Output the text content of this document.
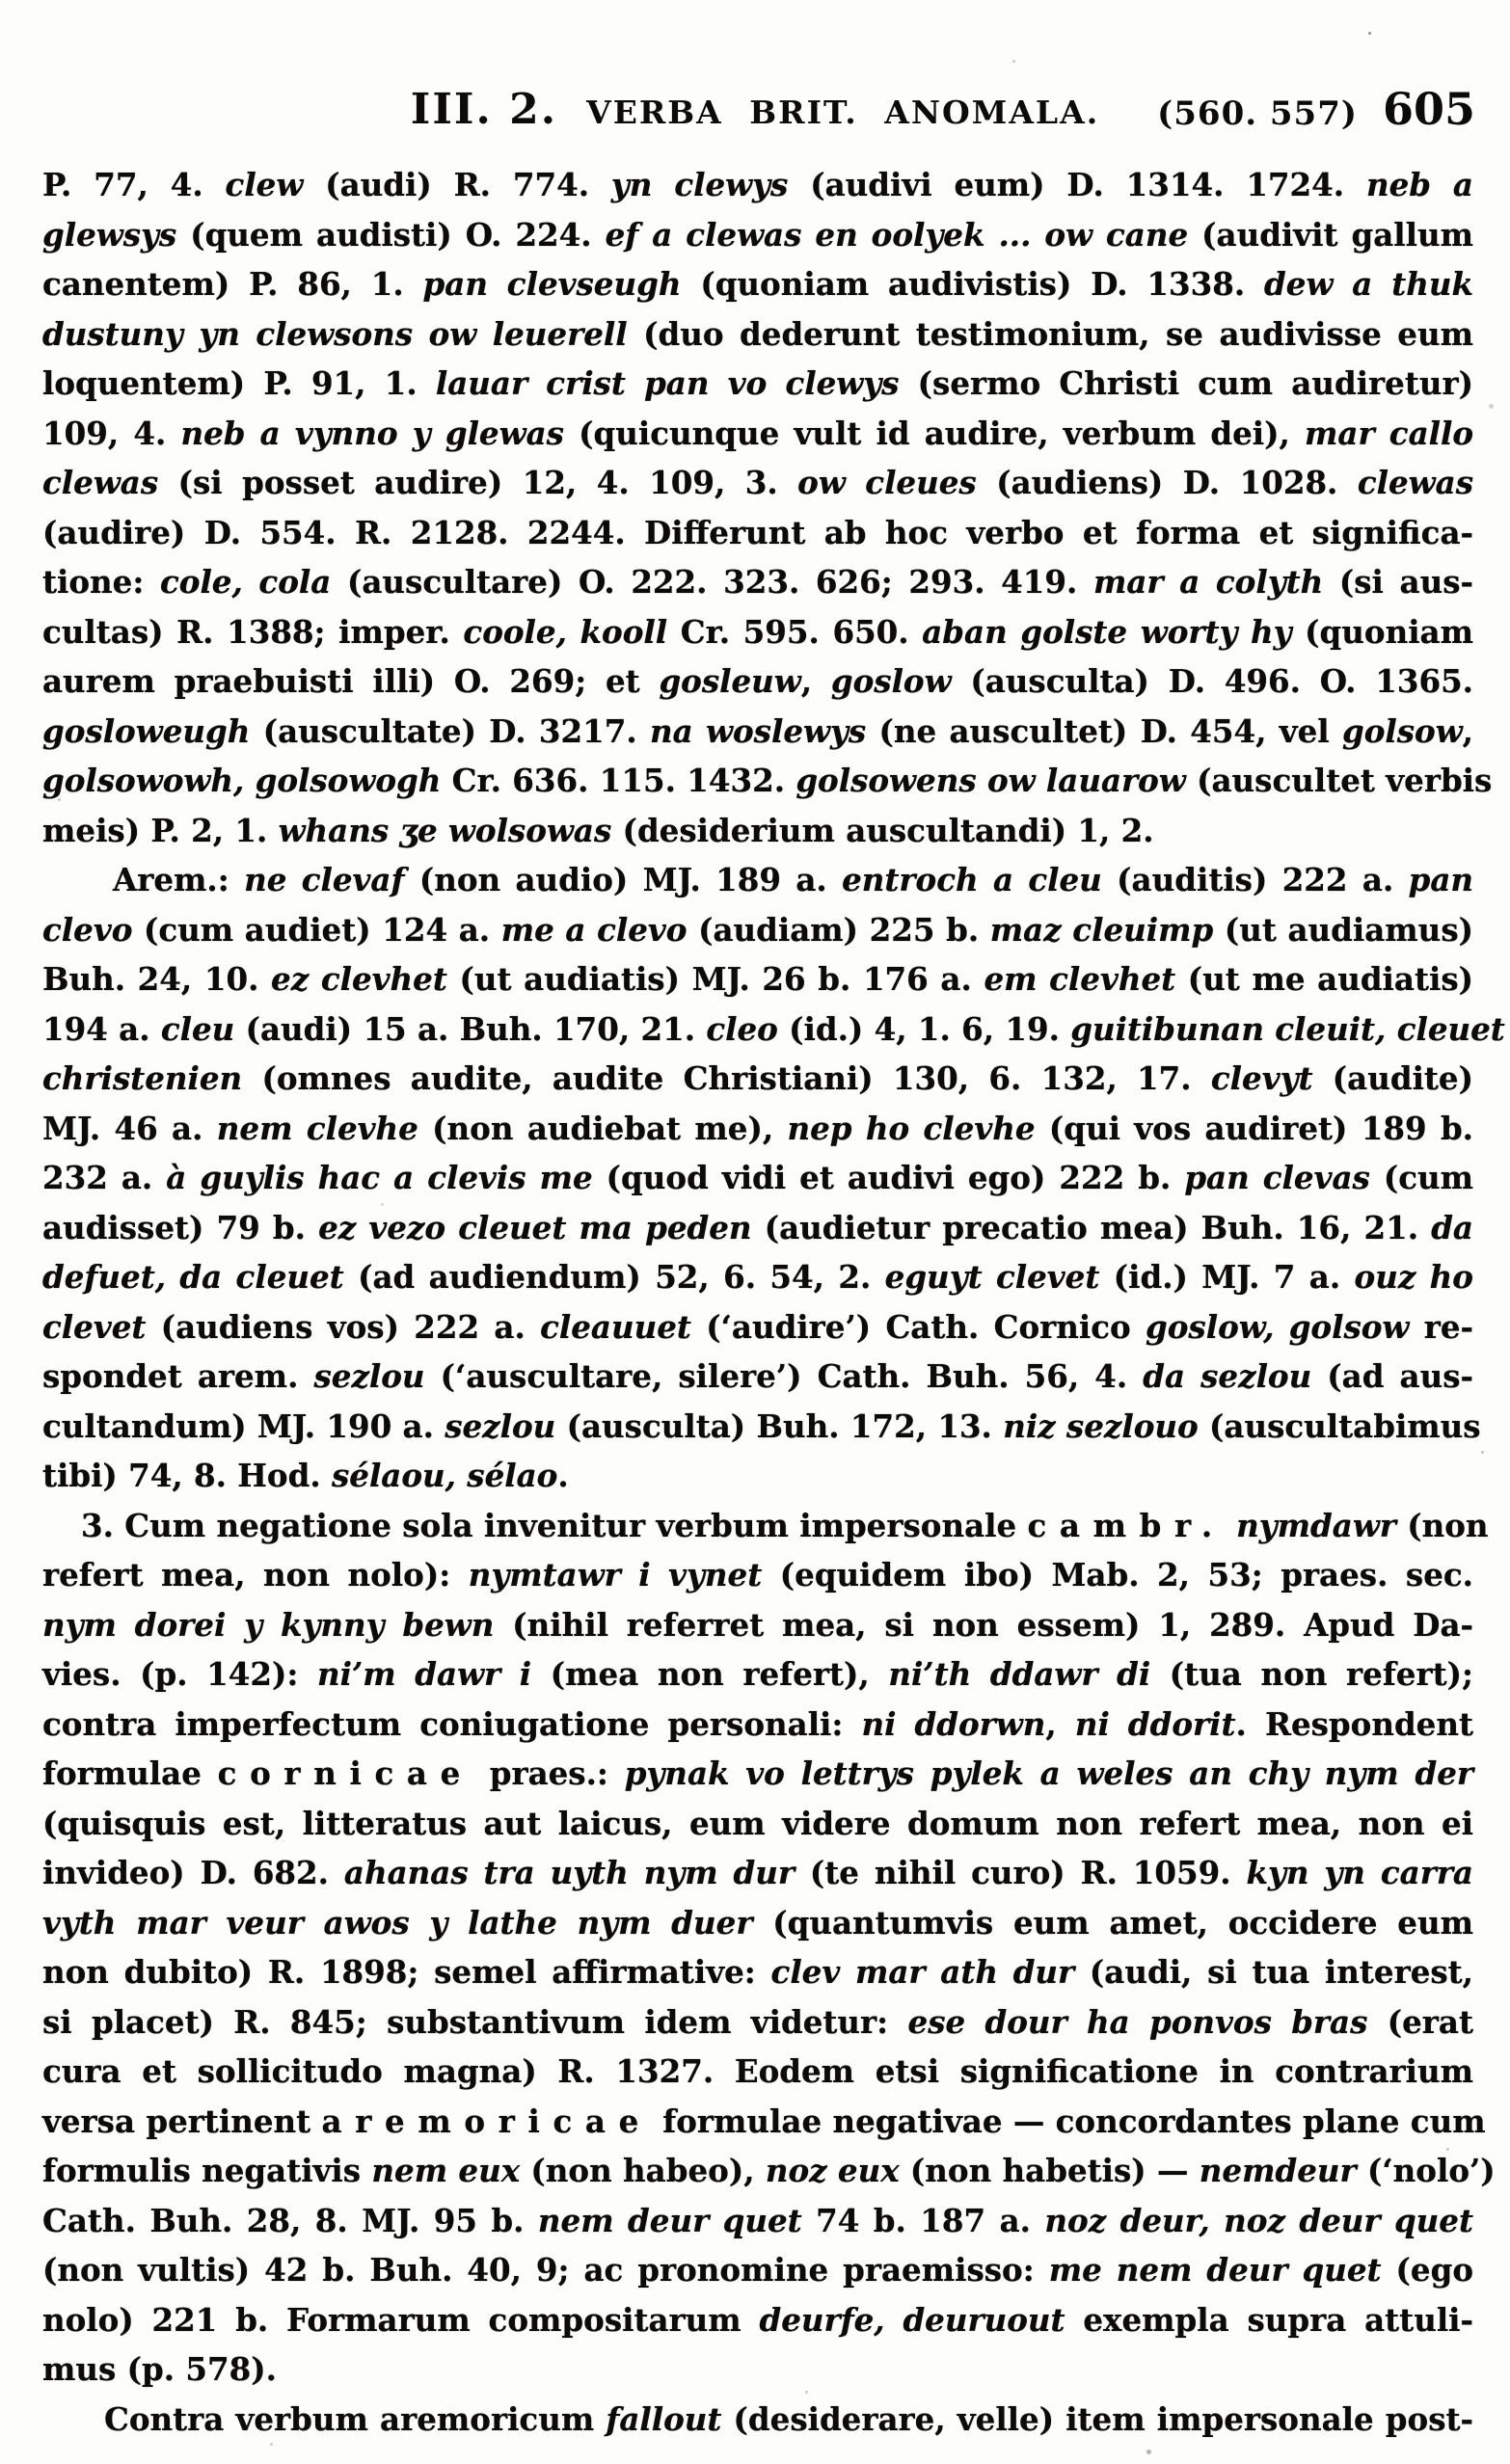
III. 2. VERBA BRIT. ANOMALA. (560. 557) 605
P. 77, 4. clew (audi) R. 774. yn clewys (audivi eum) D. 1314. 1724. neb a
glewsys (quem audisti) O. 224. ef a clewas en oolyek ... ow cane (audivit gallum
canentem) P. 86, 1. pan clevseugh (quoniam audivistis) D. 1338. dew a thuk
dustuny yn clewsons ow leuerell (duo dederunt testimonium, se audivisse eum
loquentem) P. 91, 1. lauar crist pan vo clewys (sermo Christi cum audiretur)
109, 4. neb a vynno y glewas (quicunque vult id audire, verbum dei), mar callo
clewas (si posset audire) 12, 4. 109, 3. ow cleues (audiens) D. 1028. clewas
(audire) D. 554. R. 2128. 2244. Differunt ab hoc verbo et forma et significa-
tione: cole, cola (auscultare) O. 222. 323. 626; 293. 419. mar a colyth (si aus-
cultas) R. 1388; imper. coole, kooll Cr. 595. 650. aban golste worty hy (quoniam
aurem praebuisti illi) O. 269; et gosleuw, goslow (ausculta) D. 496. O. 1365.
gosloweugh (auscultate) D. 3217. na woslewys (ne auscultet) D. 454, vel golsow,
golsowowh, golsowogh Cr. 636. 115. 1432. golsowens ow lauarow (auscultet verbis
meis) P. 2, 1. whans ʒe wolsowas (desiderium auscultandi) 1, 2.
Arem.: ne clevaf (non audio) MJ. 189 a. entroch a cleu (auditis) 222 a. pan
clevo (cum audiet) 124 a. me a clevo (audiam) 225 b. maz cleuimp (ut audiamus)
Buh. 24, 10. ez clevhet (ut audiatis) MJ. 26 b. 176 a. em clevhet (ut me audiatis)
194 a. cleu (audi) 15 a. Buh. 170, 21. cleo (id.) 4, 1. 6, 19. guitibunan cleuit, cleuet
christenien (omnes audite, audite Christiani) 130, 6. 132, 17. clevyt (audite)
MJ. 46 a. nem clevhe (non audiebat me), nep ho clevhe (qui vos audiret) 189 b.
232 a. à guylis hac a clevis me (quod vidi et audivi ego) 222 b. pan clevas (cum
audisset) 79 b. ez vezo cleuet ma peden (audietur precatio mea) Buh. 16, 21. da
defuet, da cleuet (ad audiendum) 52, 6. 54, 2. eguyt clevet (id.) MJ. 7 a. ouz ho
clevet (audiens vos) 222 a. cleauuet (‘audire’) Cath. Cornico goslow, golsow re-
spondet arem. sezlou (‘auscultare, silere’) Cath. Buh. 56, 4. da sezlou (ad aus-
cultandum) MJ. 190 a. sezlou (ausculta) Buh. 172, 13. niz sezlouo (auscultabimus
tibi) 74, 8. Hod. sélaou, sélao.
3. Cum negatione sola invenitur verbum impersonale cambr. nymdawr (non
refert mea, non nolo): nymtawr i vynet (equidem ibo) Mab. 2, 53; praes. sec.
nym dorei y kynny bewn (nihil referret mea, si non essem) 1, 289. Apud Da-
vies. (p. 142): ni’m dawr i (mea non refert), ni’th ddawr di (tua non refert);
contra imperfectum coniugatione personali: ni ddorwn, ni ddorit. Respondent
formulae cornicae praes.: pynak vo lettrys pylek a weles an chy nym der
(quisquis est, litteratus aut laicus, eum videre domum non refert mea, non ei
invideo) D. 682. ahanas tra uyth nym dur (te nihil curo) R. 1059. kyn yn carra
vyth mar veur awos y lathe nym duer (quantumvis eum amet, occidere eum
non dubito) R. 1898; semel affirmative: clev mar ath dur (audi, si tua interest,
si placet) R. 845; substantivum idem videtur: ese dour ha ponvos bras (erat
cura et sollicitudo magna) R. 1327. Eodem etsi significatione in contrarium
versa pertinent aremoricae formulae negativae — concordantes plane cum
formulis negativis nem eux (non habeo), noz eux (non habetis) — nemdeur (‘nolo’)
Cath. Buh. 28, 8. MJ. 95 b. nem deur quet 74 b. 187 a. noz deur, noz deur quet
(non vultis) 42 b. Buh. 40, 9; ac pronomine praemisso: me nem deur quet (ego
nolo) 221 b. Formarum compositarum deurfe, deuruout exempla supra attuli-
mus (p. 578).
Contra verbum aremoricum fallout (desiderare, velle) item impersonale post-
